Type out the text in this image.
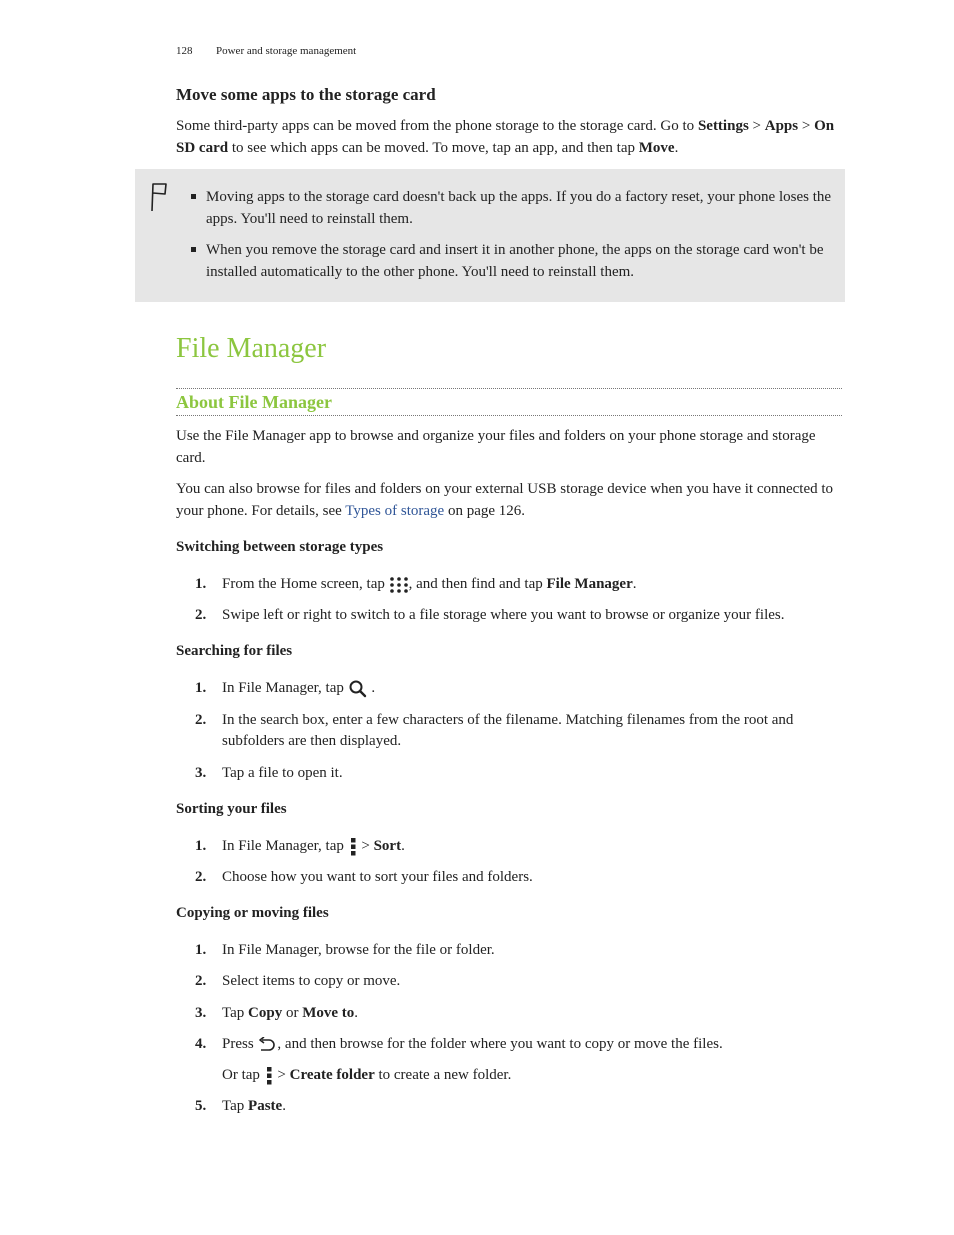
128 Power and storage management
Move some apps to the storage card

Some third-party apps can be moved from the phone storage to the storage card. Go to Settings > Apps > On SD card to see which apps can be moved. To move, tap an app, and then tap Move.

Moving apps to the storage card doesn't back up the apps. If you do a factory reset, your phone loses the apps. You'll need to reinstall them.
When you remove the storage card and insert it in another phone, the apps on the storage card won't be installed automatically to the other phone. You'll need to reinstall them.
File Manager
About File Manager

Use the File Manager app to browse and organize your files and folders on your phone storage and storage card.

You can also browse for files and folders on your external USB storage device when you have it connected to your phone. For details, see Types of storage on page 126.

Switching between storage types
1. From the Home screen, tap , and then find and tap File Manager.
2. Swipe left or right to switch to a file storage where you want to browse or organize your files.
Searching for files
1. In File Manager, tap  .
2. In the search box, enter a few characters of the filename. Matching filenames from the root and subfolders are then displayed.
3. Tap a file to open it.
Sorting your files
1. In File Manager, tap  > Sort.
2. Choose how you want to sort your files and folders.
Copying or moving files
1. In File Manager, browse for the file or folder.
2. Select items to copy or move.
3. Tap Copy or Move to.
4. Press , and then browse for the folder where you want to copy or move the files.
Or tap  > Create folder to create a new folder.
5. Tap Paste.
